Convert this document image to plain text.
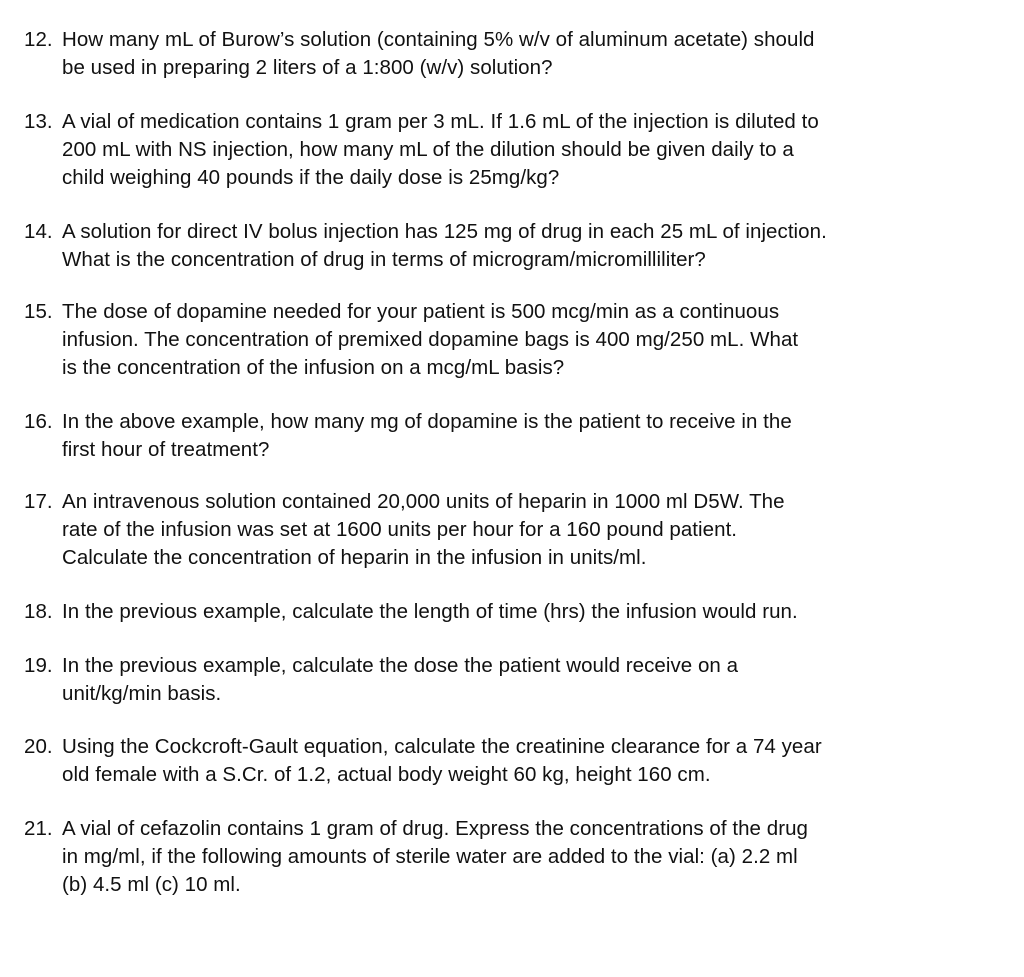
12. How many mL of Burow’s solution (containing 5% w/v of aluminum acetate) should
be used in preparing 2 liters of a 1:800 (w/v) solution?
13. A vial of medication contains 1 gram per 3 mL. If 1.6 mL of the injection is diluted to
200 mL with NS injection, how many mL of the dilution should be given daily to a
child weighing 40 pounds if the daily dose is 25mg/kg?
14. A solution for direct IV bolus injection has 125 mg of drug in each 25 mL of injection.
What is the concentration of drug in terms of microgram/micromilliliter?
15. The dose of dopamine needed for your patient is 500 mcg/min as a continuous
infusion. The concentration of premixed dopamine bags is 400 mg/250 mL. What
is the concentration of the infusion on a mcg/mL basis?
16. In the above example, how many mg of dopamine is the patient to receive in the
first hour of treatment?
17. An intravenous solution contained 20,000 units of heparin in 1000 ml D5W. The
rate of the infusion was set at 1600 units per hour for a 160 pound patient.
Calculate the concentration of heparin in the infusion in units/ml.
18. In the previous example, calculate the length of time (hrs) the infusion would run.
19. In the previous example, calculate the dose the patient would receive on a
unit/kg/min basis.
20. Using the Cockcroft-Gault equation, calculate the creatinine clearance for a 74 year
old female with a S.Cr. of 1.2, actual body weight 60 kg, height 160 cm.
21. A vial of cefazolin contains 1 gram of drug. Express the concentrations of the drug
in mg/ml, if the following amounts of sterile water are added to the vial: (a) 2.2 ml
(b) 4.5 ml (c) 10 ml.
